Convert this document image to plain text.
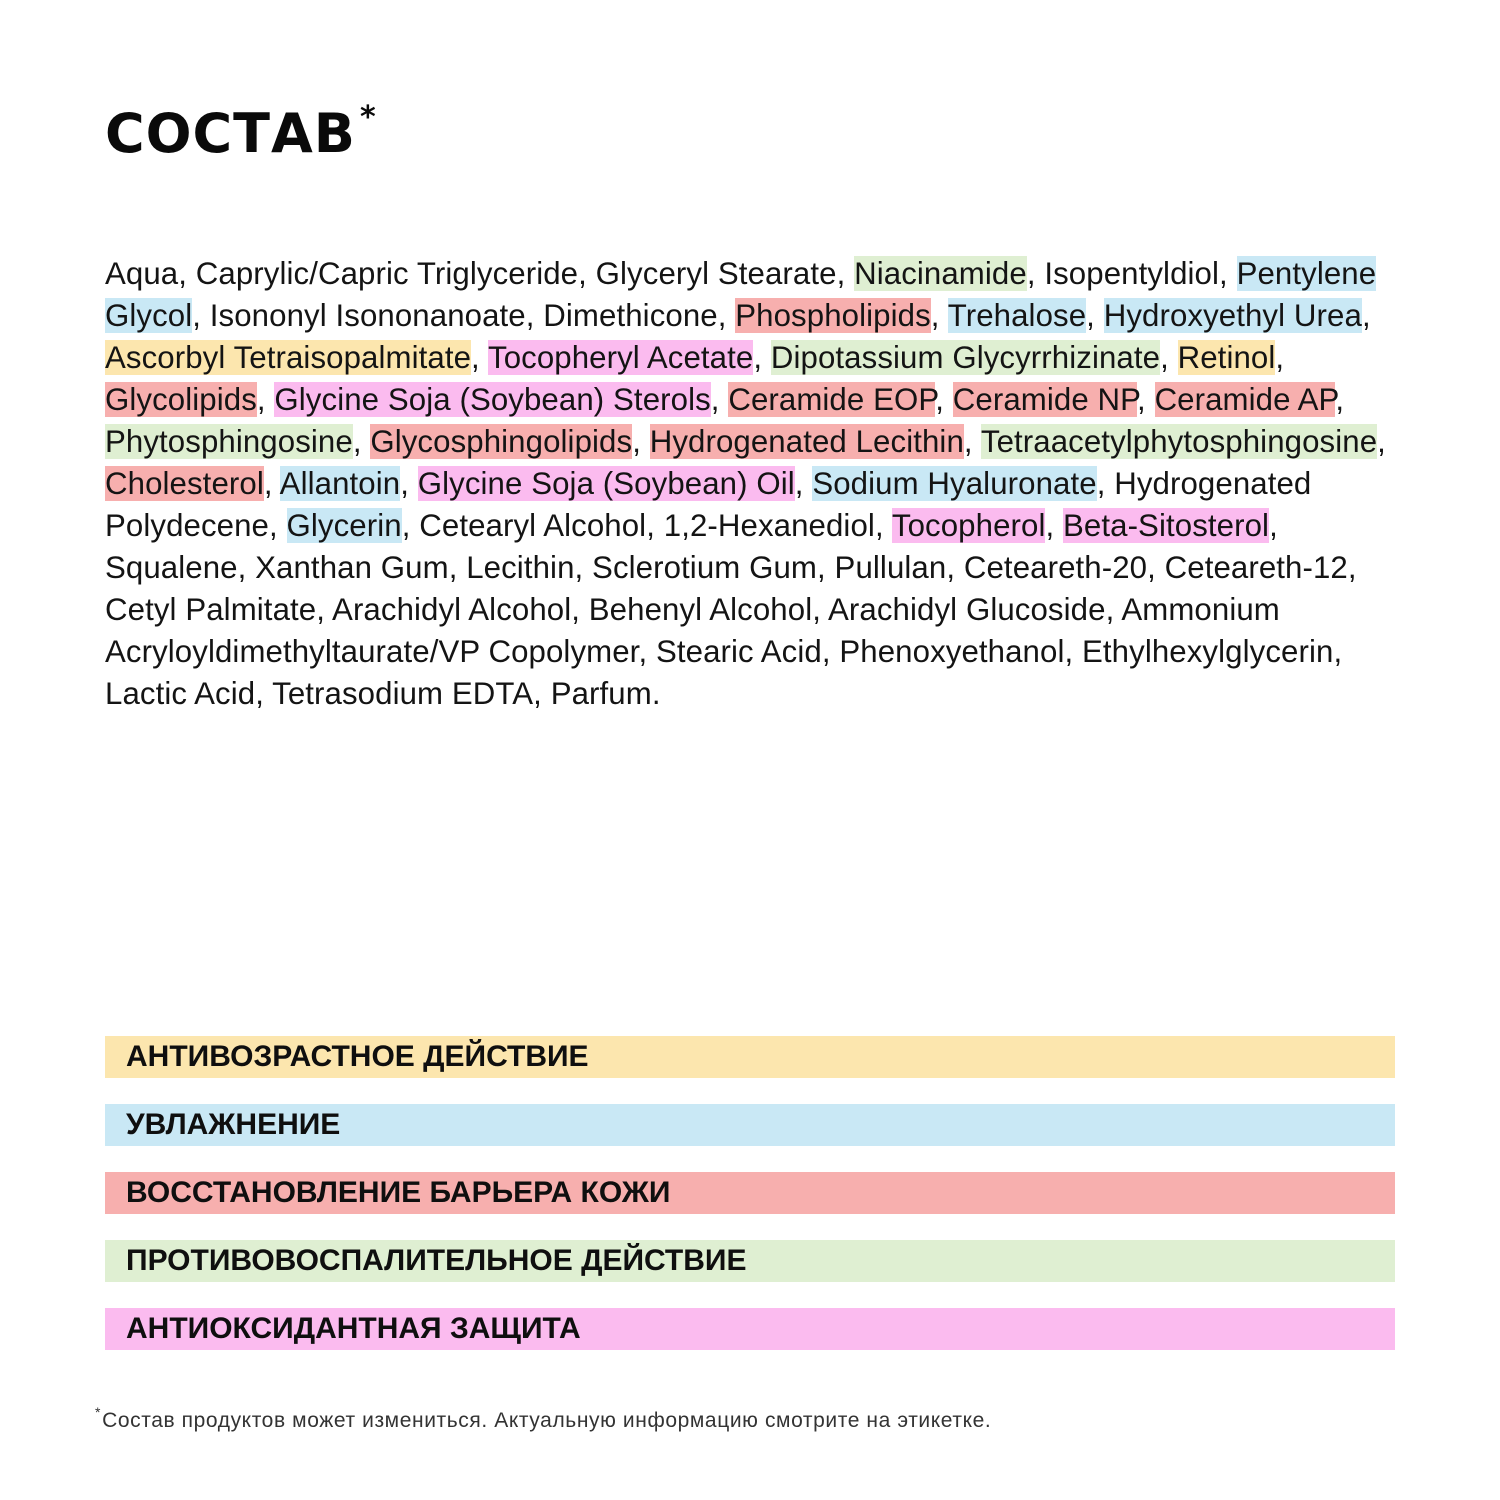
СОСТАВ *
Aqua, Caprylic/Capric Triglyceride, Glyceryl Stearate, Niacinamide, Isopentyldiol, Pentylene Glycol, Isononyl Isononanoate, Dimethicone, Phospholipids, Trehalose, Hydroxyethyl Urea, Ascorbyl Tetraisopalmitate, Tocopheryl Acetate, Dipotassium Glycyrrhizinate, Retinol, Glycolipids, Glycine Soja (Soybean) Sterols, Ceramide EOP, Ceramide NP, Ceramide AP, Phytosphingosine, Glycosphingolipids, Hydrogenated Lecithin, Tetraacetylphytosphingosine, Cholesterol, Allantoin, Glycine Soja (Soybean) Oil, Sodium Hyaluronate, Hydrogenated Polydecene, Glycerin, Cetearyl Alcohol, 1,2-Hexanediol, Tocopherol, Beta-Sitosterol, Squalene, Xanthan Gum, Lecithin, Sclerotium Gum, Pullulan, Ceteareth-20, Ceteareth-12, Cetyl Palmitate, Arachidyl Alcohol, Behenyl Alcohol, Arachidyl Glucoside, Ammonium Acryloyldimethyltaurate/VP Copolymer, Stearic Acid, Phenoxyethanol, Ethylhexylglycerin, Lactic Acid, Tetrasodium EDTA, Parfum.
АНТИВОЗРАСТНОЕ ДЕЙСТВИЕ
УВЛАЖНЕНИЕ
ВОССТАНОВЛЕНИЕ БАРЬЕРА КОЖИ
ПРОТИВОВОСПАЛИТЕЛЬНОЕ ДЕЙСТВИЕ
АНТИОКСИДАНТНАЯ ЗАЩИТА
*Состав продуктов может измениться. Актуальную информацию смотрите на этикетке.
